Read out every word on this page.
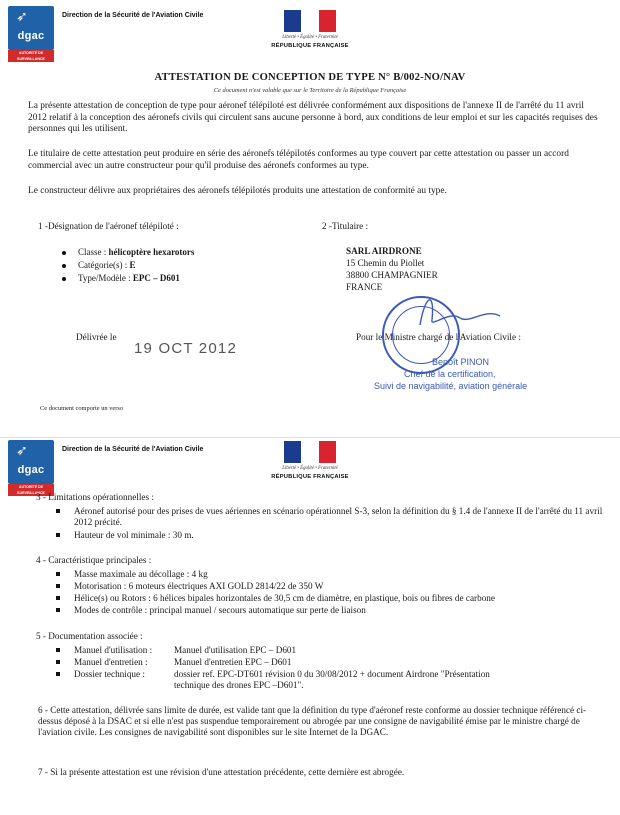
➶
dgac
AUTORITÉ DE SURVEILLANCE
Direction de la Sécurité de l'Aviation Civile
Liberté • Égalité • Fraternité
RÉPUBLIQUE FRANÇAISE
ATTESTATION DE CONCEPTION DE TYPE N° B/002-NO/NAV
Ce document n'est valable que sur le Territoire de la République Française
La présente attestation de conception de type pour aéronef télépiloté est délivrée conformément aux dispositions de l'annexe II de l'arrêté du 11 avril 2012 relatif à la conception des aéronefs civils qui circulent sans aucune personne à bord, aux conditions de leur emploi et sur les capacités requises des personnes qui les utilisent.
Le titulaire de cette attestation peut produire en série des aéronefs télépilotés conformes au type couvert par cette attestation ou passer un accord commercial avec un autre constructeur pour qu'il produise des aéronefs conformes au type.
Le constructeur délivre aux propriétaires des aéronefs télépilotés produits une attestation de conformité au type.
1 -Désignation de l'aéronef télépiloté :
Classe : hélicoptère hexarotors
Catégorie(s) : E
Type/Modèle : EPC – D601
2 -Titulaire :
SARL AIRDRONE
15 Chemin du Piollet
38800 CHAMPAGNIER
FRANCE
Délivrée le
19 OCT 2012
Pour le Ministre chargé de l'Aviation Civile :
Benoît PINON
Chef de la certification,
Suivi de navigabilité, aviation générale
Ce document comporte un verso
➶
dgac
AUTORITÉ DE SURVEILLANCE
Direction de la Sécurité de l'Aviation Civile
Liberté • Égalité • Fraternité
RÉPUBLIQUE FRANÇAISE
3 - Limitations opérationnelles :
Aéronef autorisé pour des prises de vues aériennes en scénario opérationnel S-3, selon la définition du § 1.4 de l'annexe II de l'arrêté du 11 avril 2012 précité.
Hauteur de vol minimale : 30 m.
4 - Caractéristique principales :
Masse maximale au décollage : 4 kg
Motorisation : 6 moteurs électriques AXI GOLD 2814/22 de 350 W
Hélice(s) ou Rotors : 6 hélices bipales horizontales de 30,5 cm de diamètre, en plastique, bois ou fibres de carbone
Modes de contrôle : principal manuel / secours automatique sur perte de liaison
5 - Documentation associée :
Manuel d'utilisation : Manuel d'utilisation EPC – D601
Manuel d'entretien :	Manuel d'entretien EPC – D601
Dossier technique :	dossier ref. EPC-DT601 révision 0 du 30/08/2012 + document Airdrone "Présentation technique des drones EPC –D601".
6 - Cette attestation, délivrée sans limite de durée, est valide tant que la définition du type d'aéronef reste conforme au dossier technique référencé ci-dessus déposé à la DSAC et si elle n'est pas suspendue temporairement ou abrogée par une consigne de navigabilité émise par le ministre chargé de l'aviation civile. Les consignes de navigabilité sont disponibles sur le site Internet de la DGAC.
7 - Si la présente attestation est une révision d'une attestation précédente, cette dernière est abrogée.
